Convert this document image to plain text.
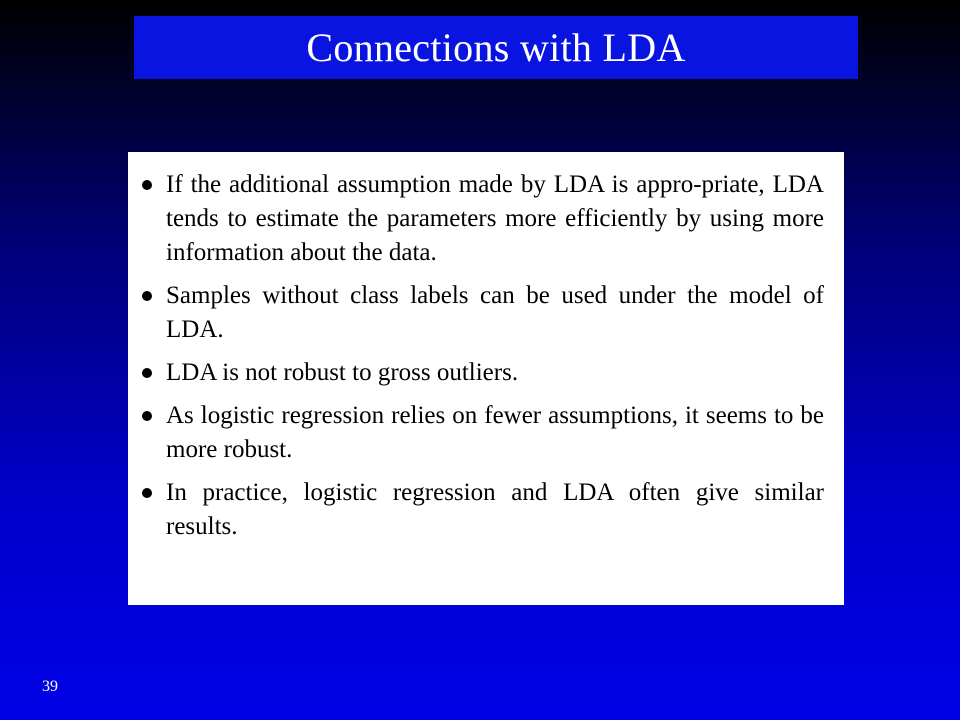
Connections with LDA
If the additional assumption made by LDA is appro-priate, LDA tends to estimate the parameters more efficiently by using more information about the data.
Samples without class labels can be used under the model of LDA.
LDA is not robust to gross outliers.
As logistic regression relies on fewer assumptions, it seems to be more robust.
In practice, logistic regression and LDA often give similar results.
39
